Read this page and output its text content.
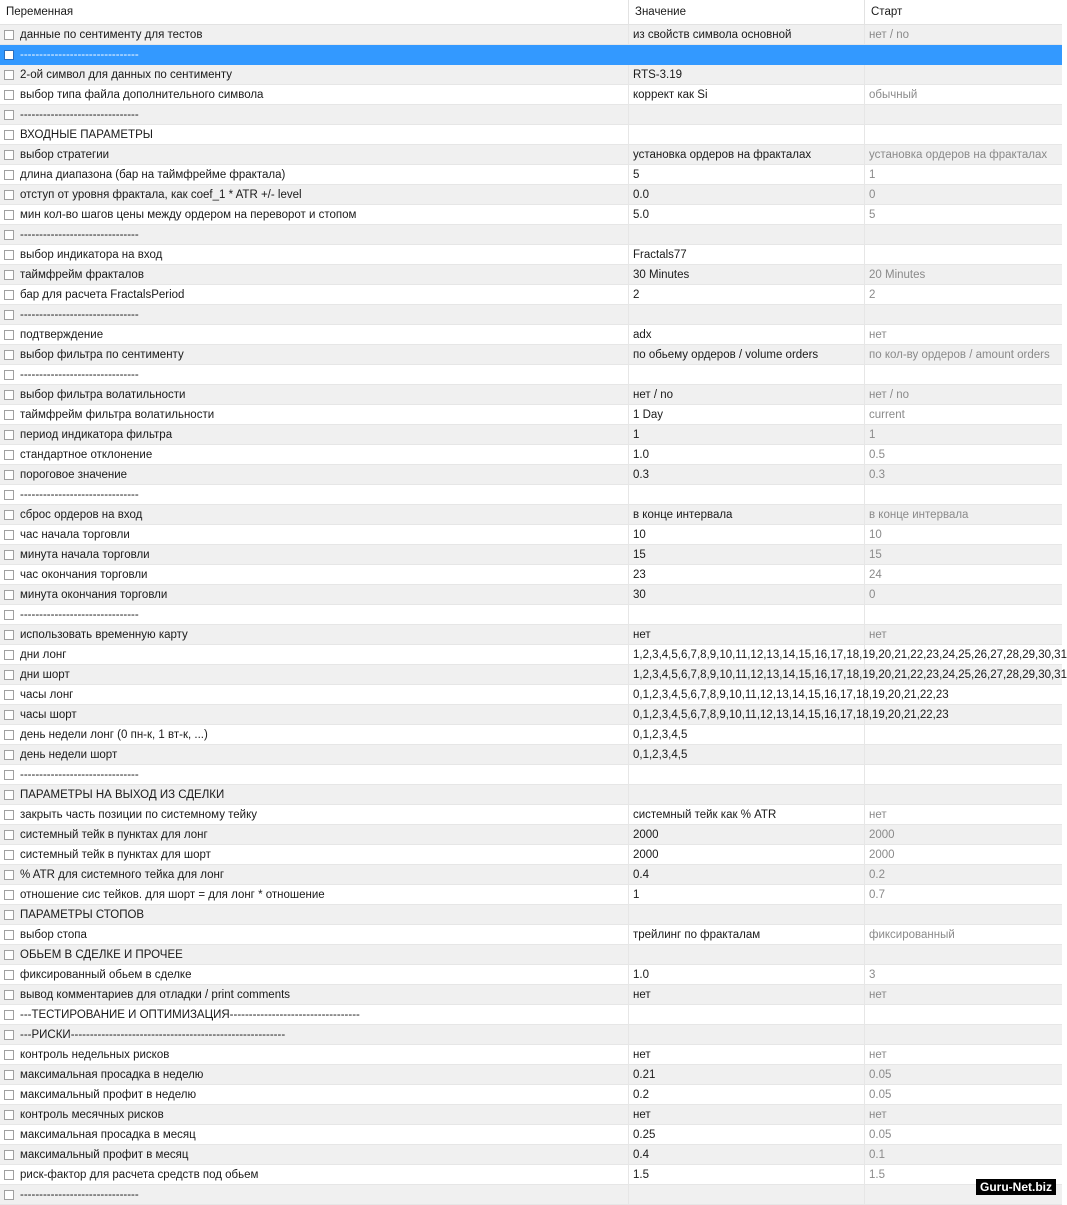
Переменная	Значение	Старт
данные по сентименту для тестов	из свойств символа основной	нет / no
-------------------------------
2-ой символ для данных по сентименту	RTS-3.19
выбор типа файла дополнительного символа	коррект как Si	обычный
-------------------------------
ВХОДНЫЕ ПАРАМЕТРЫ
выбор стратегии	установка ордеров на фракталах	установка ордеров на фракталах
длина диапазона (бар на таймфрейме фрактала)	5	1
отступ от уровня фрактала, как coef_1 * ATR +/- level	0.0	0
мин кол-во шагов цены между ордером на переворот и стопом	5.0	5
-------------------------------
выбор индикатора на вход	Fractals77
таймфрейм фракталов	30 Minutes	20 Minutes
бар для расчета FractalsPeriod	2	2
-------------------------------
подтверждение	adx	нет
выбор фильтра по сентименту	по обьему ордеров / volume orders	по кол-ву ордеров / amount orders
-------------------------------
выбор фильтра волатильности	нет / no	нет / no
таймфрейм фильтра волатильности	1 Day	current
период индикатора фильтра	1	1
стандартное отклонение	1.0	0.5
пороговое значение	0.3	0.3
-------------------------------
сброс ордеров на вход	в конце интервала	в конце интервала
час начала торговли	10	10
минута начала торговли	15	15
час окончания торговли	23	24
минута окончания торговли	30	0
-------------------------------
использовать временную карту	нет	нет
дни лонг	1,2,3,4,5,6,7,8,9,10,11,12,13,14,15,16,17,18,19,20,21,22,23,24,25,26,27,28,29,30,31
дни шорт	1,2,3,4,5,6,7,8,9,10,11,12,13,14,15,16,17,18,19,20,21,22,23,24,25,26,27,28,29,30,31
часы лонг	0,1,2,3,4,5,6,7,8,9,10,11,12,13,14,15,16,17,18,19,20,21,22,23
часы шорт	0,1,2,3,4,5,6,7,8,9,10,11,12,13,14,15,16,17,18,19,20,21,22,23
день недели лонг (0 пн-к, 1 вт-к, ...)	0,1,2,3,4,5
день недели шорт	0,1,2,3,4,5
-------------------------------
ПАРАМЕТРЫ НА ВЫХОД ИЗ СДЕЛКИ
закрыть часть позиции по системному тейку	системный тейк как % ATR	нет
системный тейк в пунктах для лонг	2000	2000
системный тейк в пунктах для шорт	2000	2000
% ATR для системного тейка для лонг	0.4	0.2
отношение сис тейков. для шорт = для лонг * отношение	1	0.7
ПАРАМЕТРЫ СТОПОВ
выбор стопа	трейлинг по фракталам	фиксированный
ОБЬЕМ В СДЕЛКЕ И ПРОЧЕЕ
фиксированный обьем в сделке	1.0	3
вывод комментариев для отладки / print comments	нет	нет
---ТЕСТИРОВАНИЕ И ОПТИМИЗАЦИЯ----------------------------------
---РИСКИ--------------------------------------------------------
контроль недельных рисков	нет	нет
максимальная просадка в неделю	0.21	0.05
максимальный профит в неделю	0.2	0.05
контроль месячных рисков	нет	нет
максимальная просадка в месяц	0.25	0.05
максимальный профит в месяц	0.4	0.1
риск-фактор для расчета средств под обьем	1.5	1.5
-------------------------------
Guru-Net.biz
